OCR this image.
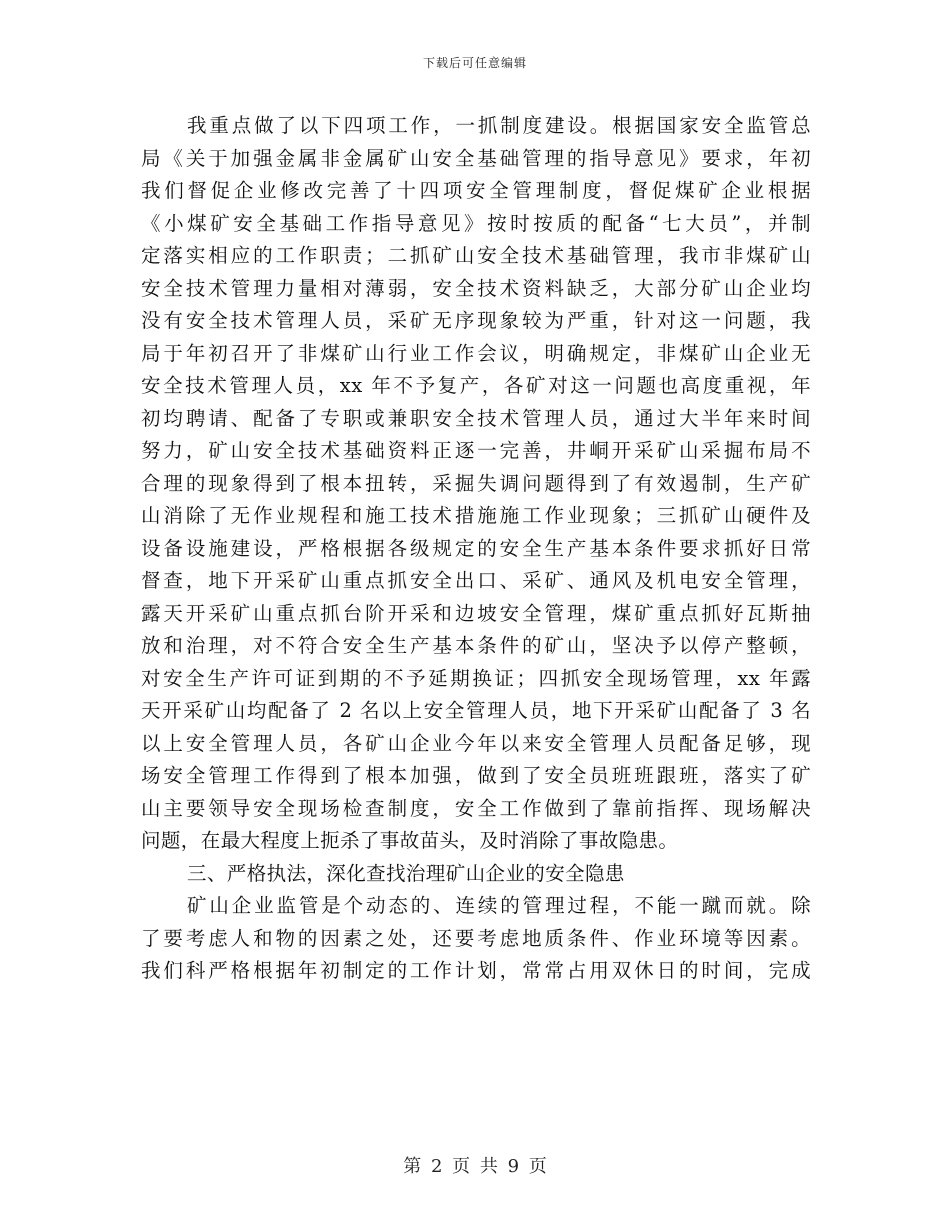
下载后可任意编辑
我重点做了以下四项工作，一抓制度建设。根据国家安全监管总
局《关于加强金属非金属矿山安全基础管理的指导意见》要求，年初
我们督促企业修改完善了十四项安全管理制度，督促煤矿企业根据
《小煤矿安全基础工作指导意见》按时按质的配备“七大员”，并制
定落实相应的工作职责；二抓矿山安全技术基础管理，我市非煤矿山
安全技术管理力量相对薄弱，安全技术资料缺乏，大部分矿山企业均
没有安全技术管理人员，采矿无序现象较为严重，针对这一问题，我
局于年初召开了非煤矿山行业工作会议，明确规定，非煤矿山企业无
安全技术管理人员，xx 年不予复产，各矿对这一问题也高度重视，年
初均聘请、配备了专职或兼职安全技术管理人员，通过大半年来时间
努力，矿山安全技术基础资料正逐一完善，井峒开采矿山采掘布局不
合理的现象得到了根本扭转，采掘失调问题得到了有效遏制，生产矿
山消除了无作业规程和施工技术措施施工作业现象；三抓矿山硬件及
设备设施建设，严格根据各级规定的安全生产基本条件要求抓好日常
督查，地下开采矿山重点抓安全出口、采矿、通风及机电安全管理，
露天开采矿山重点抓台阶开采和边坡安全管理，煤矿重点抓好瓦斯抽
放和治理，对不符合安全生产基本条件的矿山，坚决予以停产整顿，
对安全生产许可证到期的不予延期换证；四抓安全现场管理，xx 年露
天开采矿山均配备了 2 名以上安全管理人员，地下开采矿山配备了 3 名
以上安全管理人员，各矿山企业今年以来安全管理人员配备足够，现
场安全管理工作得到了根本加强，做到了安全员班班跟班，落实了矿
山主要领导安全现场检查制度，安全工作做到了靠前指挥、现场解决
问题，在最大程度上扼杀了事故苗头，及时消除了事故隐患。
三、严格执法，深化查找治理矿山企业的安全隐患
矿山企业监管是个动态的、连续的管理过程，不能一蹴而就。除
了要考虑人和物的因素之处，还要考虑地质条件、作业环境等因素。
我们科严格根据年初制定的工作计划，常常占用双休日的时间，完成
第 2 页 共 9 页
